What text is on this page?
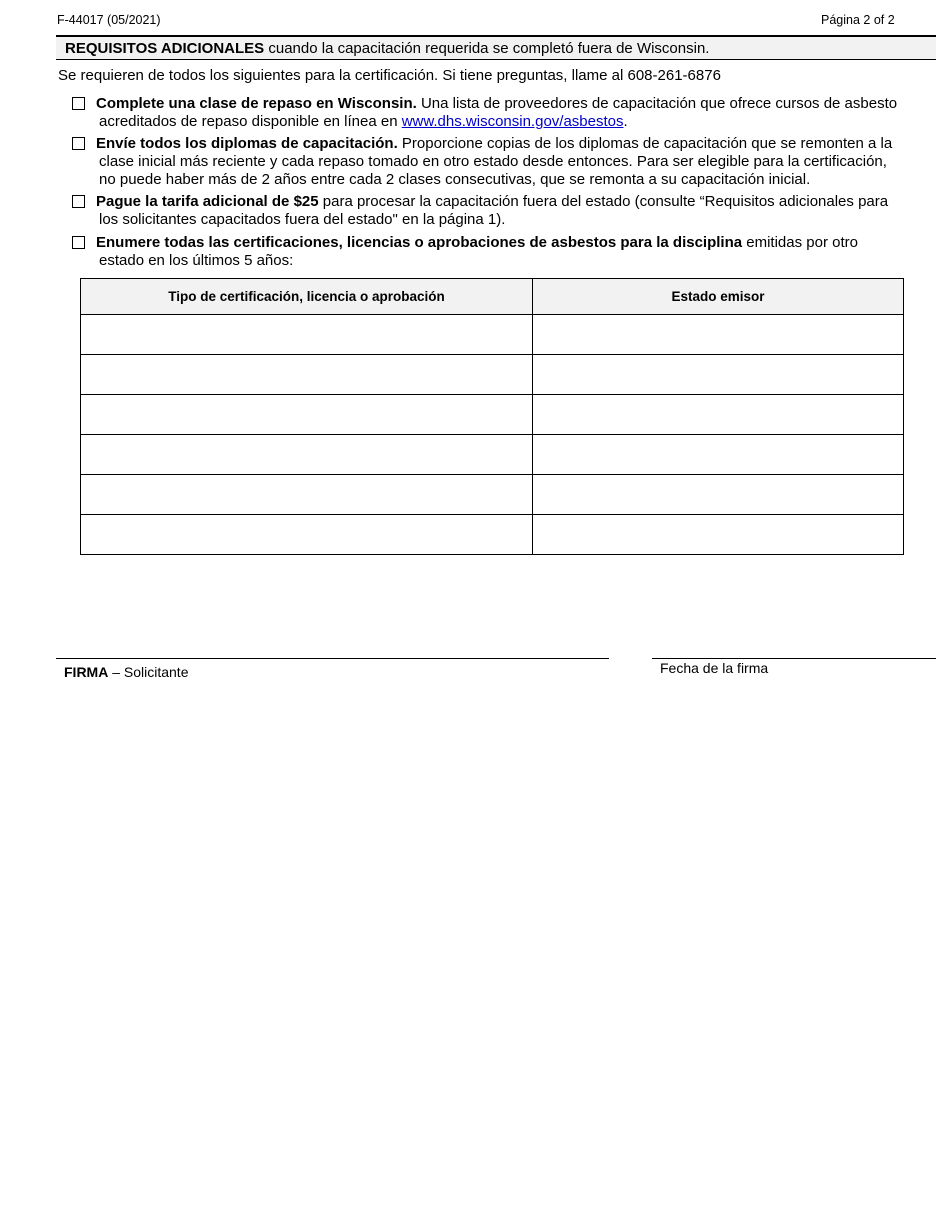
F-44017 (05/2021)	Página 2 of 2
REQUISITOS ADICIONALES cuando la capacitación requerida se completó fuera de Wisconsin.
Se requieren de todos los siguientes para la certificación. Si tiene preguntas, llame al 608-261-6876
Complete una clase de repaso en Wisconsin. Una lista de proveedores de capacitación que ofrece cursos de asbesto
acreditados de repaso disponible en línea en www.dhs.wisconsin.gov/asbestos.
Envíe todos los diplomas de capacitación. Proporcione copias de los diplomas de capacitación que se remonten a la
clase inicial más reciente y cada repaso tomado en otro estado desde entonces. Para ser elegible para la certificación,
no puede haber más de 2 años entre cada 2 clases consecutivas, que se remonta a su capacitación inicial.
Pague la tarifa adicional de $25 para procesar la capacitación fuera del estado (consulte “Requisitos adicionales para
los solicitantes capacitados fuera del estado" en la página 1).
Enumere todas las certificaciones, licencias o aprobaciones de asbestos para la disciplina emitidas por otro
estado en los últimos 5 años:
Tipo de certificación, licencia o aprobación	Estado emisor

FIRMA – Solicitante	Fecha de la firma
